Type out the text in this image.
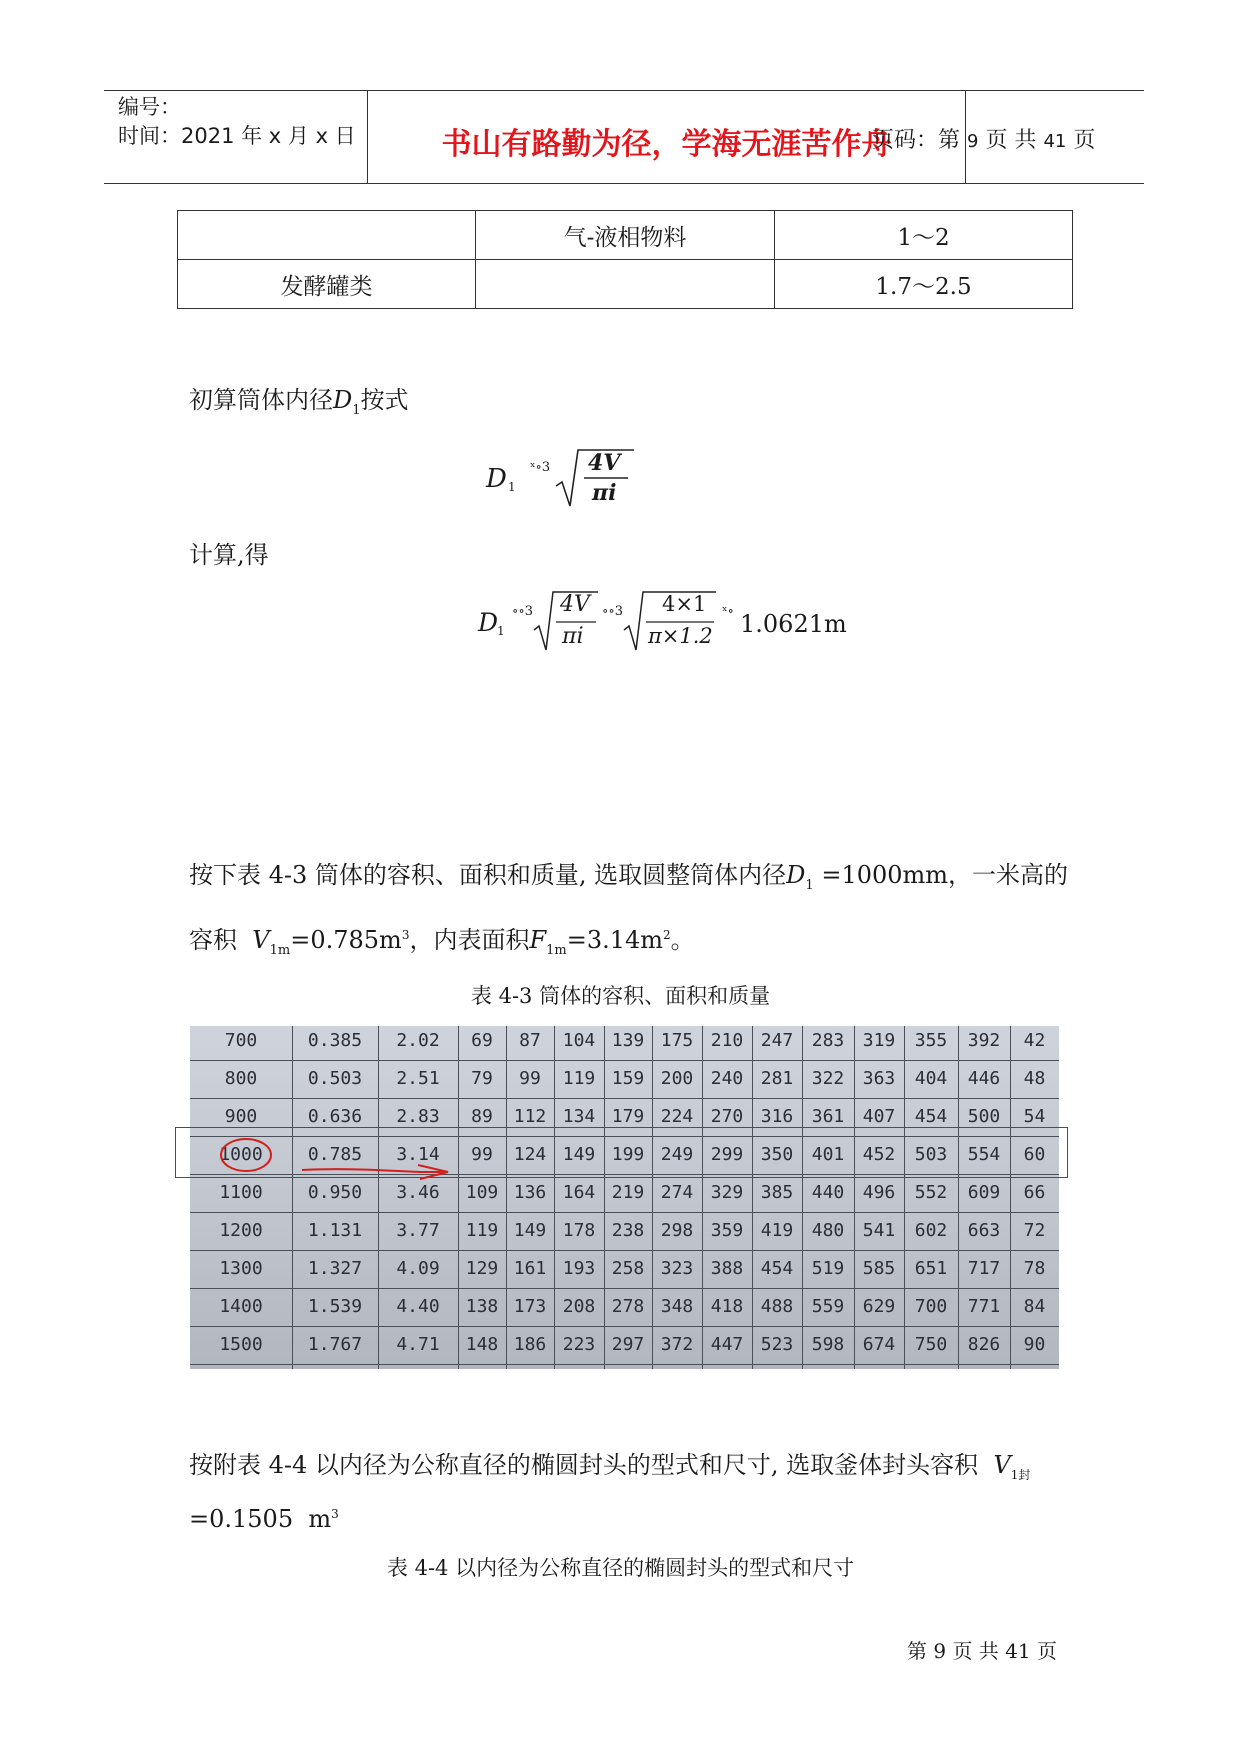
编号：
时间：2021 年 x 月 x 日	书山有路勤为径，学海无涯苦作舟
页码：第 9 页 共 41 页
	气-液相物料	1～2
发酵罐类		1.7～2.5
初算筒体内径$D_1$按式
D 1
ˣ∘3 4V
πi
计算,得
D
1
∘∘3 4V
πi
∘∘3 4×1
π×1.2
ˣ∘ 1.0621m
按下表 4-3 筒体的容积、面积和质量, 选取圆整筒体内径$D_1 =1000mm$，一米高的
容积 $V_{1m}=0.785m^3$，内表面积$F_{1m}=3.14m^2$。
表 4-3 筒体的容积、面积和质量
700	0.385	2.02	69	87	104 139 175 210 247	283	319	355	392	42
800	0.503	2.51	79	99	119 159 200 240 281	322	363	404	446	48
900	0.636	2.83	89	112 134 179 224 270 316	361	407	454	500	54
1000	0.785	3.14	99	124 149 199 249 299 350	401	452	503	554	60
1100	0.950	3.46	109 136 164 219 274 329 385	440	496	552	609	66
1200	1.131	3.77	119 149 178 238 298 359 419	480	541	602	663	72
1300	1.327	4.09	129 161 193 258 323 388 454	519	585	651	717	78
1400	1.539	4.40	138 173 208 278 348 418 488	559	629	700	771	84
1500	1.767	4.71	148 186 223 297 372 447 523	598	674	750	826	90
按附表 4-4 以内径为公称直径的椭圆封头的型式和尺寸, 选取釜体封头容积 $V_{1封}$
=0.1505 $m^3$
表 4-4 以内径为公称直径的椭圆封头的型式和尺寸
第 9 页 共 41 页
